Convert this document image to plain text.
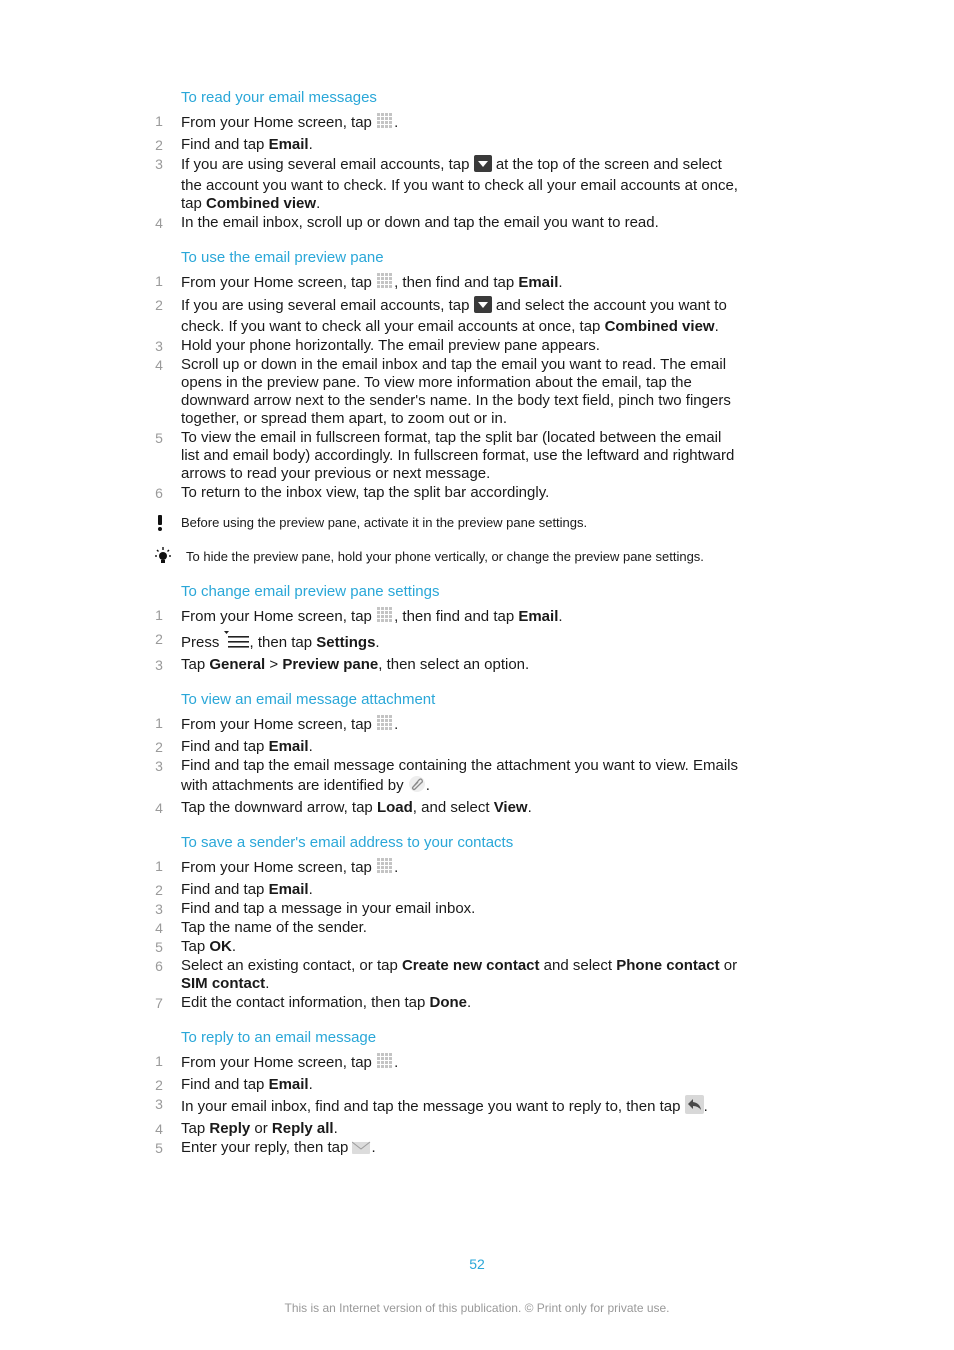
To read your email messages
1 From your Home screen, tap .
2 Find and tap Email.
3 If you are using several email accounts, tap  at the top of the screen and select the account you want to check. If you want to check all your email accounts at once, tap Combined view.
4 In the email inbox, scroll up or down and tap the email you want to read.
To use the email preview pane
1 From your Home screen, tap , then find and tap Email.
2 If you are using several email accounts, tap  and select the account you want to check. If you want to check all your email accounts at once, tap Combined view.
3 Hold your phone horizontally. The email preview pane appears.
4 Scroll up or down in the email inbox and tap the email you want to read. The email opens in the preview pane. To view more information about the email, tap the downward arrow next to the sender's name. In the body text field, pinch two fingers together, or spread them apart, to zoom out or in.
5 To view the email in fullscreen format, tap the split bar (located between the email list and email body) accordingly. In fullscreen format, use the leftward and rightward arrows to read your previous or next message.
6 To return to the inbox view, tap the split bar accordingly.
Before using the preview pane, activate it in the preview pane settings.
To hide the preview pane, hold your phone vertically, or change the preview pane settings.
To change email preview pane settings
1 From your Home screen, tap , then find and tap Email.
2 Press , then tap Settings.
3 Tap General > Preview pane, then select an option.
To view an email message attachment
1 From your Home screen, tap .
2 Find and tap Email.
3 Find and tap the email message containing the attachment you want to view. Emails with attachments are identified by .
4 Tap the downward arrow, tap Load, and select View.
To save a sender's email address to your contacts
1 From your Home screen, tap .
2 Find and tap Email.
3 Find and tap a message in your email inbox.
4 Tap the name of the sender.
5 Tap OK.
6 Select an existing contact, or tap Create new contact and select Phone contact or SIM contact.
7 Edit the contact information, then tap Done.
To reply to an email message
1 From your Home screen, tap .
2 Find and tap Email.
3 In your email inbox, find and tap the message you want to reply to, then tap .
4 Tap Reply or Reply all.
5 Enter your reply, then tap .
52
This is an Internet version of this publication. © Print only for private use.
